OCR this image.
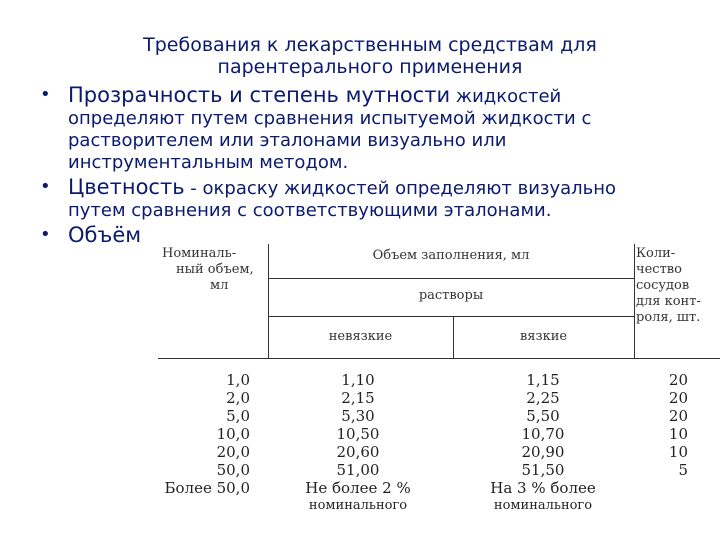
Требования к лекарственным средствам для
парентерального применения
• Прозрачность и степень мутности жидкостей
определяют путем сравнения испытуемой жидкости с
растворителем или эталонами визуально или
инструментальным методом.
• Цветность - окраску жидкостей определяют визуально
путем сравнения с соответствующими эталонами.
• Объём
Номиналь-
ный объем,
мл
Объем заполнения, мл
растворы
невязкие	вязкие
Коли-
чество
сосудов
для конт-
роля, шт.
1,0
2,0
5,0
10,0
20,0
50,0
Более 50,0
1,10
2,15
5,30
10,50
20,60
51,00
Не более 2 %
номинального
1,15
2,25
5,50
10,70
20,90
51,50
На 3 % более
номинального
20
20
20
10
10
5
